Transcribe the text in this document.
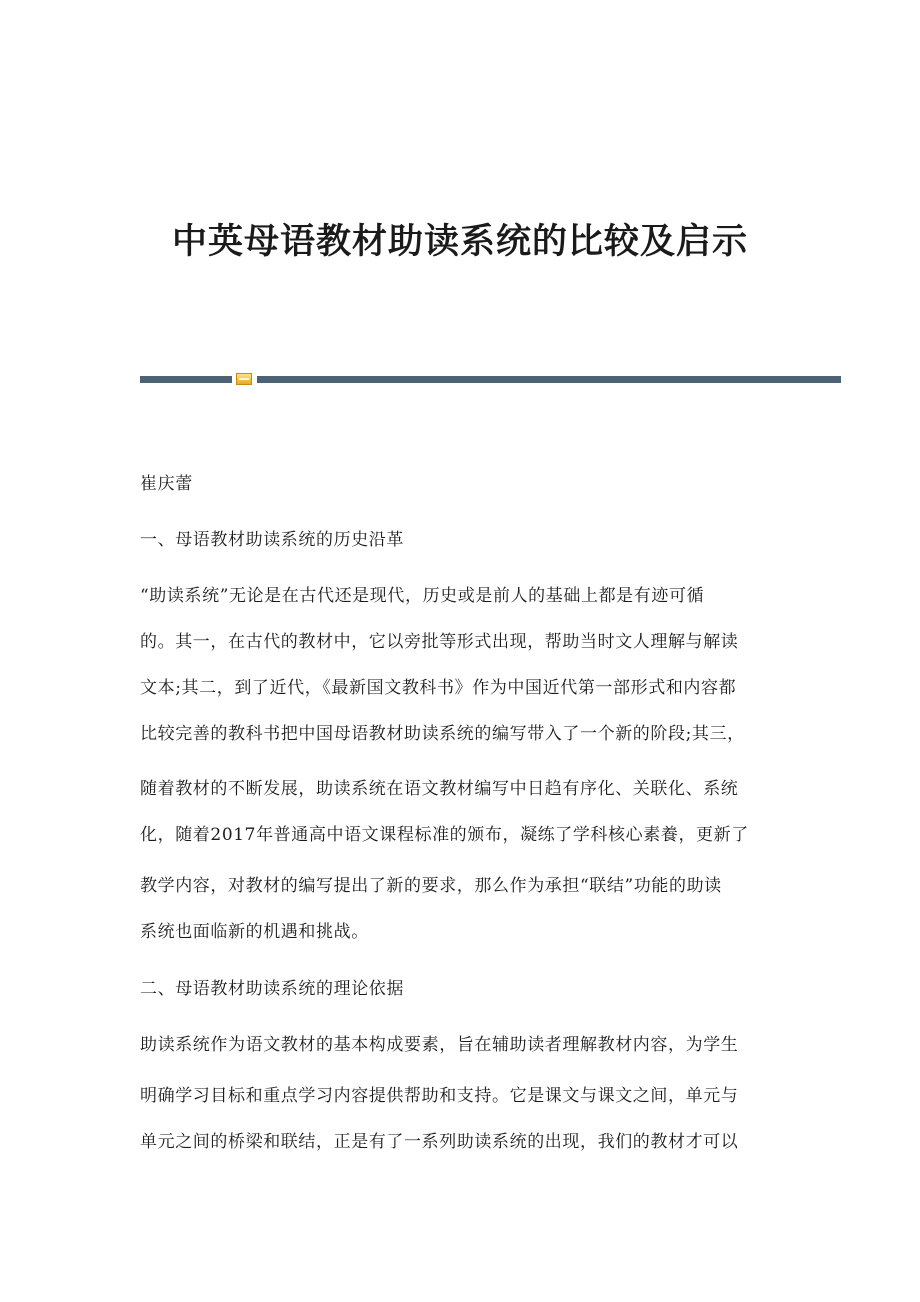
中英母语教材助读系统的比较及启示
崔庆蕾
一、母语教材助读系统的历史沿革
“助读系统”无论是在古代还是现代，历史或是前人的基础上都是有迹可循
的。其一，在古代的教材中，它以旁批等形式出现，帮助当时文人理解与解读
文本;其二，到了近代，《最新国文教科书》作为中国近代第一部形式和内容都
比较完善的教科书把中国母语教材助读系统的编写带入了一个新的阶段;其三，
随着教材的不断发展，助读系统在语文教材编写中日趋有序化、关联化、系统
化，随着2017年普通高中语文课程标准的颁布，凝练了学科核心素養，更新了
教学内容，对教材的编写提出了新的要求，那么作为承担“联结”功能的助读
系统也面临新的机遇和挑战。
二、母语教材助读系统的理论依据
助读系统作为语文教材的基本构成要素，旨在辅助读者理解教材内容，为学生
明确学习目标和重点学习内容提供帮助和支持。它是课文与课文之间，单元与
单元之间的桥梁和联结，正是有了一系列助读系统的出现，我们的教材才可以
